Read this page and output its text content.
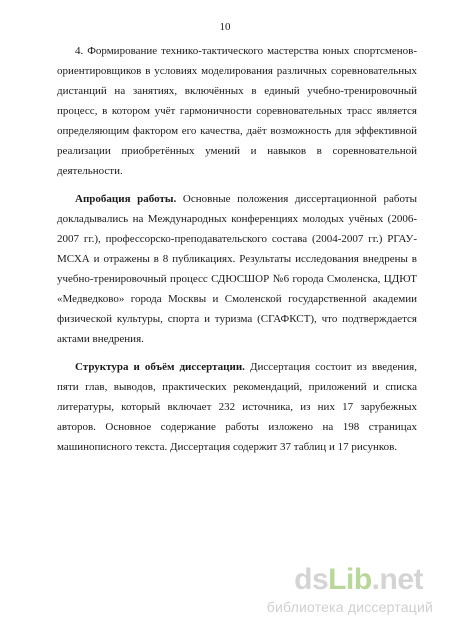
10

4. Формирование технико-тактического мастерства юных спортсменов-ориентировщиков в условиях моделирования различных соревновательных дистанций на занятиях, включённых в единый учебно-тренировочный процесс, в котором учёт гармоничности соревновательных трасс является определяющим фактором его качества, даёт возможность для эффективной реализации приобретённых умений и навыков в соревновательной деятельности.

Апробация работы. Основные положения диссертационной работы докладывались на Международных конференциях молодых учёных (2006-2007 гг.), профессорско-преподавательского состава (2004-2007 гг.) РГАУ-МСХА и отражены в 8 публикациях. Результаты исследования внедрены в учебно-тренировочный процесс СДЮСШОР №6 города Смоленска, ЦДЮТ «Медведково» города Москвы и Смоленской государственной академии физической культуры, спорта и туризма (СГАФКСТ), что подтверждается актами внедрения.

Структура и объём диссертации. Диссертация состоит из введения, пяти глав, выводов, практических рекомендаций, приложений и списка литературы, который включает 232 источника, из них 17 зарубежных авторов. Основное содержание работы изложено на 198 страницах машинописного текста. Диссертация содержит 37 таблиц и 17 рисунков.

dsLib.net
библиотека диссертаций
